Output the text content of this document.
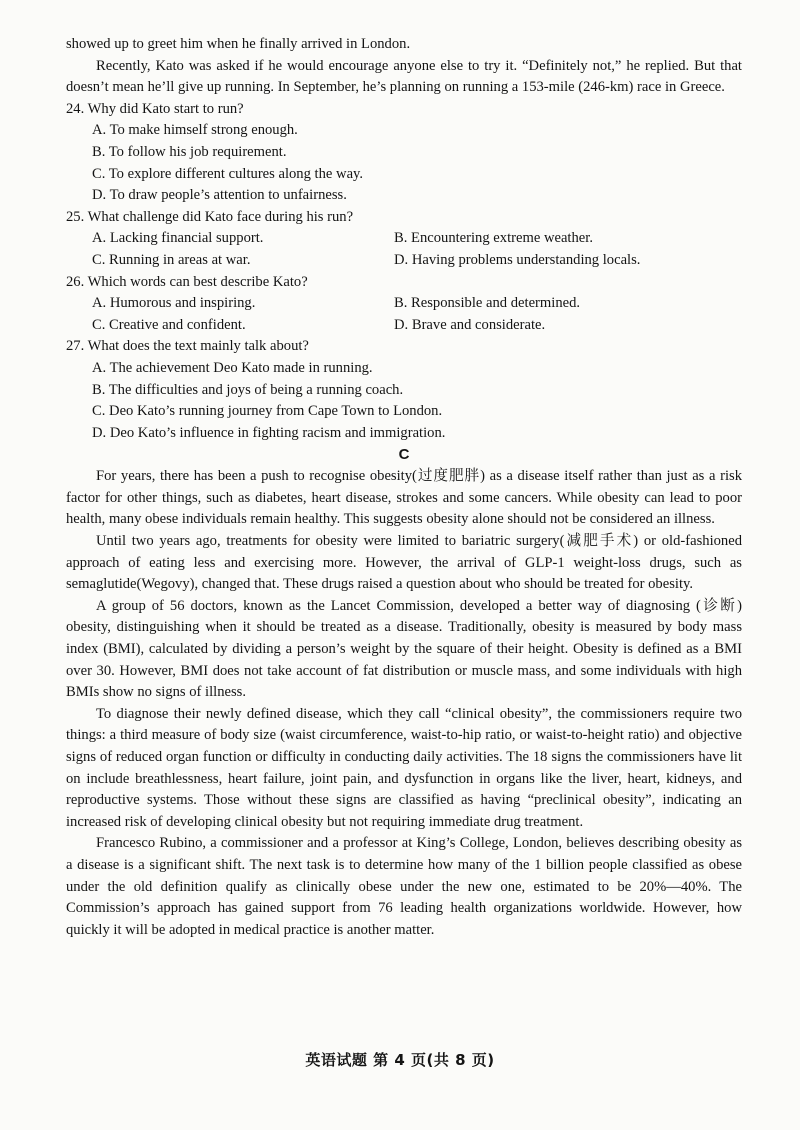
showed up to greet him when he finally arrived in London.

Recently, Kato was asked if he would encourage anyone else to try it. “Definitely not,” he replied. But that doesn’t mean he’ll give up running. In September, he’s planning on running a 153-mile (246-km) race in Greece.

24. Why did Kato start to run?

A. To make himself strong enough.

B. To follow his job requirement.

C. To explore different cultures along the way.

D. To draw people’s attention to unfairness.

25. What challenge did Kato face during his run?

A. Lacking financial support.	B. Encountering extreme weather.
C. Running in areas at war.	D. Having problems understanding locals.

26. Which words can best describe Kato?

A. Humorous and inspiring.	B. Responsible and determined.
C. Creative and confident.	D. Brave and considerate.

27. What does the text mainly talk about?

A. The achievement Deo Kato made in running.

B. The difficulties and joys of being a running coach.

C. Deo Kato’s running journey from Cape Town to London.

D. Deo Kato’s influence in fighting racism and immigration.

C

For years, there has been a push to recognise obesity(过度肥胖) as a disease itself rather than just as a risk factor for other things, such as diabetes, heart disease, strokes and some cancers. While obesity can lead to poor health, many obese individuals remain healthy. This suggests obesity alone should not be considered an illness.

Until two years ago, treatments for obesity were limited to bariatric surgery(减肥手术) or old-fashioned approach of eating less and exercising more. However, the arrival of GLP-1 weight-loss drugs, such as semaglutide(Wegovy), changed that. These drugs raised a question about who should be treated for obesity.

A group of 56 doctors, known as the Lancet Commission, developed a better way of diagnosing (诊断) obesity, distinguishing when it should be treated as a disease. Traditionally, obesity is measured by body mass index (BMI), calculated by dividing a person’s weight by the square of their height. Obesity is defined as a BMI over 30. However, BMI does not take account of fat distribution or muscle mass, and some individuals with high BMIs show no signs of illness.

To diagnose their newly defined disease, which they call “clinical obesity”, the commissioners require two things: a third measure of body size (waist circumference, waist-to-hip ratio, or waist-to-height ratio) and objective signs of reduced organ function or difficulty in conducting daily activities. The 18 signs the commissioners have lit on include breathlessness, heart failure, joint pain, and dysfunction in organs like the liver, heart, kidneys, and reproductive systems. Those without these signs are classified as having “preclinical obesity”, indicating an increased risk of developing clinical obesity but not requiring immediate drug treatment.

Francesco Rubino, a commissioner and a professor at King’s College, London, believes describing obesity as a disease is a significant shift. The next task is to determine how many of the 1 billion people classified as obese under the old definition qualify as clinically obese under the new one, estimated to be 20%—40%. The Commission’s approach has gained support from 76 leading health organizations worldwide. However, how quickly it will be adopted in medical practice is another matter.

英语试题 第 4 页(共 8 页)
